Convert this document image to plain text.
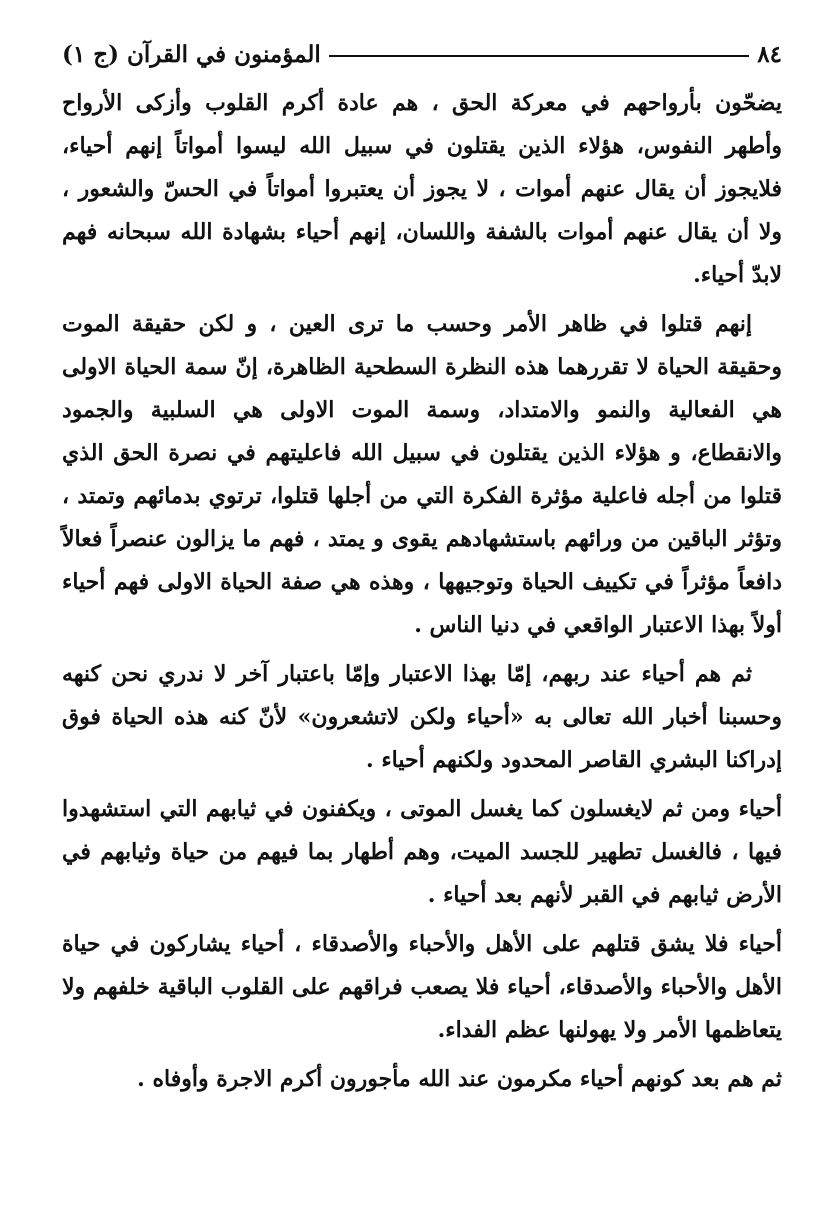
٨٤
المؤمنون في القرآن (ج ١)

يضحّون بأرواحهم في معركة الحق ، هم عادة أكرم القلوب وأزكى الأرواح وأطهر النفوس، هؤلاء الذين يقتلون في سبيل الله ليسوا أمواتاً إنهم أحياء، فلايجوز أن يقال عنهم أموات ، لا يجوز أن يعتبروا أمواتاً في الحسّ والشعور ، ولا أن يقال عنهم أموات بالشفة واللسان، إنهم أحياء بشهادة الله سبحانه فهم لابدّ أحياء.

إنهم قتلوا في ظاهر الأمر وحسب ما ترى العين ، و لكن حقيقة الموت وحقيقة الحياة لا تقررهما هذه النظرة السطحية الظاهرة، إنّ سمة الحياة الاولى هي الفعالية والنمو والامتداد، وسمة الموت الاولى هي السلبية والجمود والانقطاع، و هؤلاء الذين يقتلون في سبيل الله فاعليتهم في نصرة الحق الذي قتلوا من أجله فاعلية مؤثرة الفكرة التي من أجلها قتلوا، ترتوي بدمائهم وتمتد ، وتؤثر الباقين من ورائهم باستشهادهم يقوى و يمتد ، فهم ما يزالون عنصراً فعالاً دافعاً مؤثراً في تكييف الحياة وتوجيهها ، وهذه هي صفة الحياة الاولى فهم أحياء أولاً بهذا الاعتبار الواقعي في دنيا الناس .

ثم هم أحياء عند ربهم، إمّا بهذا الاعتبار وإمّا باعتبار آخر لا ندري نحن كنهه وحسبنا أخبار الله تعالى به «أحياء ولكن لاتشعرون» لأنّ كنه هذه الحياة فوق إدراكنا البشري القاصر المحدود ولكنهم أحياء .

أحياء ومن ثم لايغسلون كما يغسل الموتى ، ويكفنون في ثيابهم التي استشهدوا فيها ، فالغسل تطهير للجسد الميت، وهم أطهار بما فيهم من حياة وثيابهم في الأرض ثيابهم في القبر لأنهم بعد أحياء .

أحياء فلا يشق قتلهم على الأهل والأحباء والأصدقاء ، أحياء يشاركون في حياة الأهل والأحباء والأصدقاء، أحياء فلا يصعب فراقهم على القلوب الباقية خلفهم ولا يتعاظمها الأمر ولا يهولنها عظم الفداء.

ثم هم بعد كونهم أحياء مكرمون عند الله مأجورون أكرم الاجرة وأوفاه .
